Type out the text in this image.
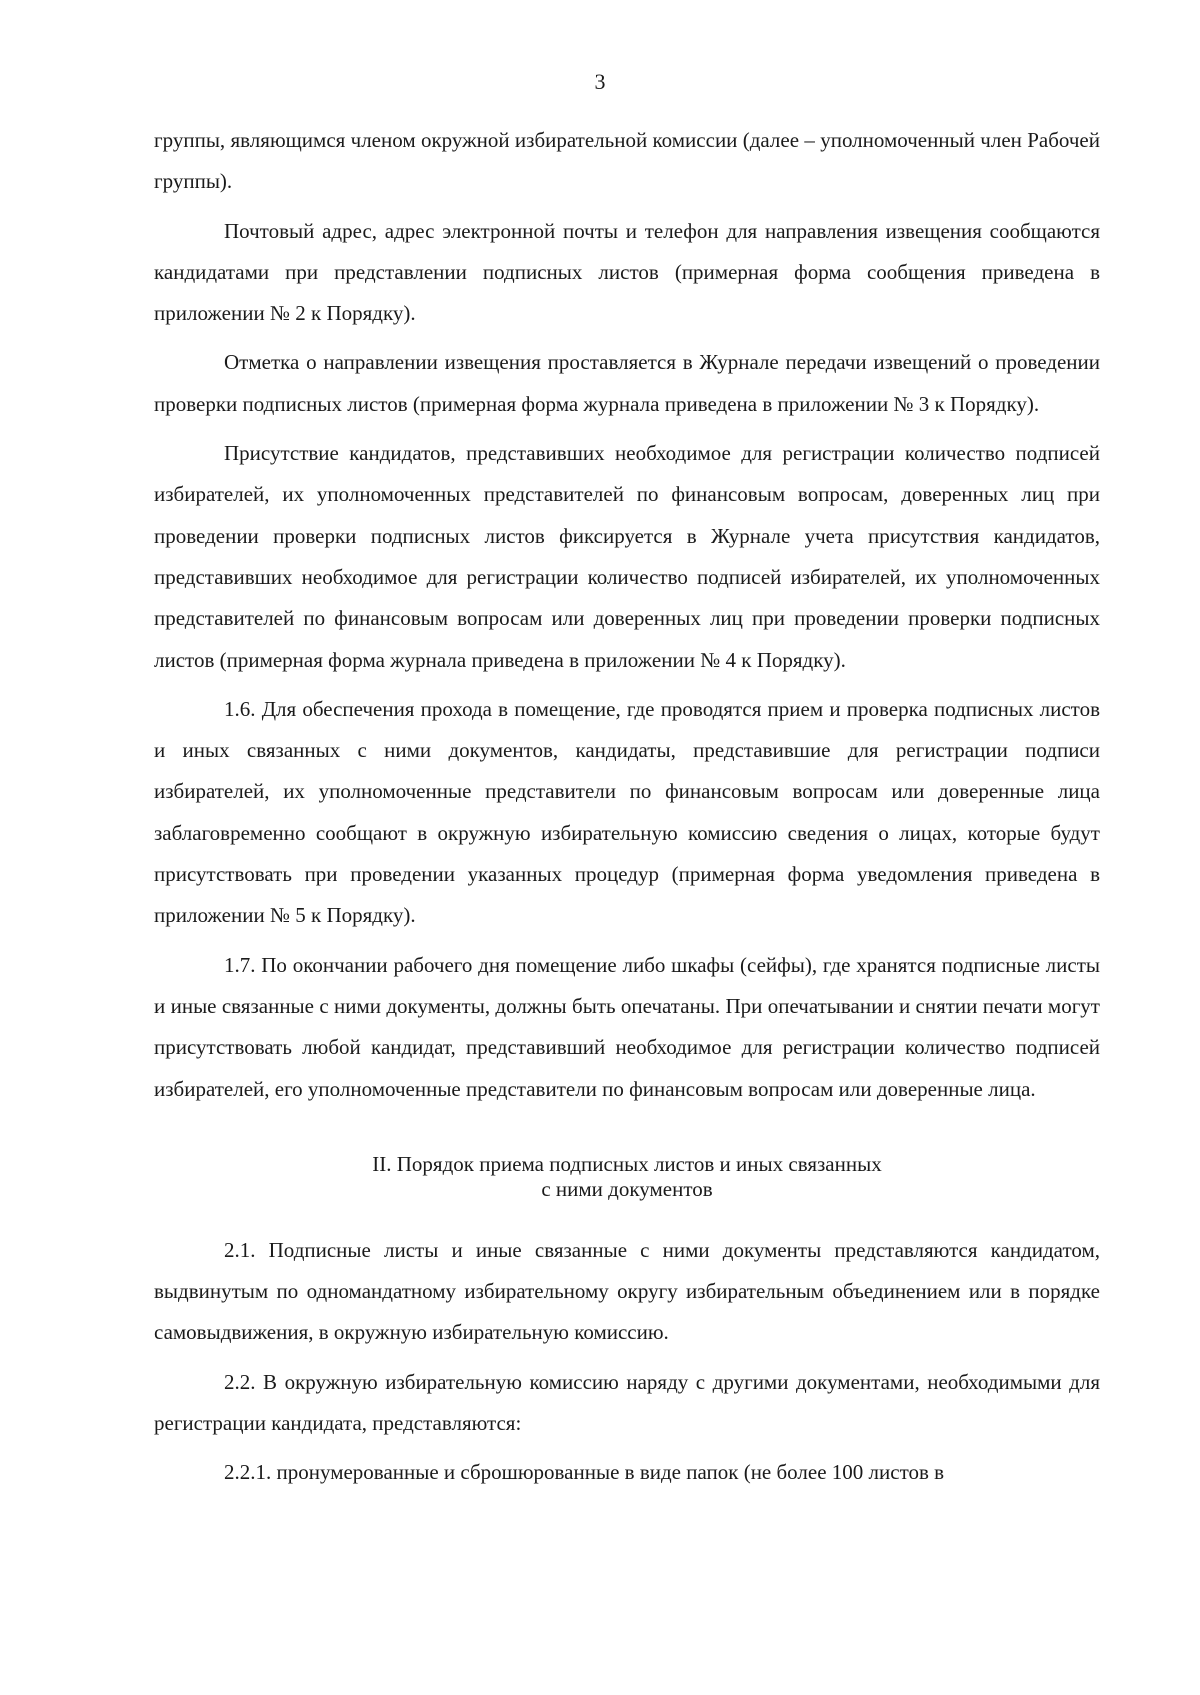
3

группы, являющимся членом окружной избирательной комиссии (далее – уполномоченный член Рабочей группы).

Почтовый адрес, адрес электронной почты и телефон для направления извещения сообщаются кандидатами при представлении подписных листов (примерная форма сообщения приведена в приложении № 2 к Порядку).

Отметка о направлении извещения проставляется в Журнале передачи извещений о проведении проверки подписных листов (примерная форма журнала приведена в приложении № 3 к Порядку).

Присутствие кандидатов, представивших необходимое для регистрации количество подписей избирателей, их уполномоченных представителей по финансовым вопросам, доверенных лиц при проведении проверки подписных листов фиксируется в Журнале учета присутствия кандидатов, представивших необходимое для регистрации количество подписей избирателей, их уполномоченных представителей по финансовым вопросам или доверенных лиц при проведении проверки подписных листов (примерная форма журнала приведена в приложении № 4 к Порядку).

1.6. Для обеспечения прохода в помещение, где проводятся прием и проверка подписных листов и иных связанных с ними документов, кандидаты, представившие для регистрации подписи избирателей, их уполномоченные представители по финансовым вопросам или доверенные лица заблаговременно сообщают в окружную избирательную комиссию сведения о лицах, которые будут присутствовать при проведении указанных процедур (примерная форма уведомления приведена в приложении № 5 к Порядку).

1.7. По окончании рабочего дня помещение либо шкафы (сейфы), где хранятся подписные листы и иные связанные с ними документы, должны быть опечатаны. При опечатывании и снятии печати могут присутствовать любой кандидат, представивший необходимое для регистрации количество подписей избирателей, его уполномоченные представители по финансовым вопросам или доверенные лица.

II. Порядок приема подписных листов и иных связанных
с ними документов

2.1. Подписные листы и иные связанные с ними документы представляются кандидатом, выдвинутым по одномандатному избирательному округу избирательным объединением или в порядке самовыдвижения, в окружную избирательную комиссию.

2.2. В окружную избирательную комиссию наряду с другими документами, необходимыми для регистрации кандидата, представляются:

2.2.1. пронумерованные и сброшюрованные в виде папок (не более 100 листов в
